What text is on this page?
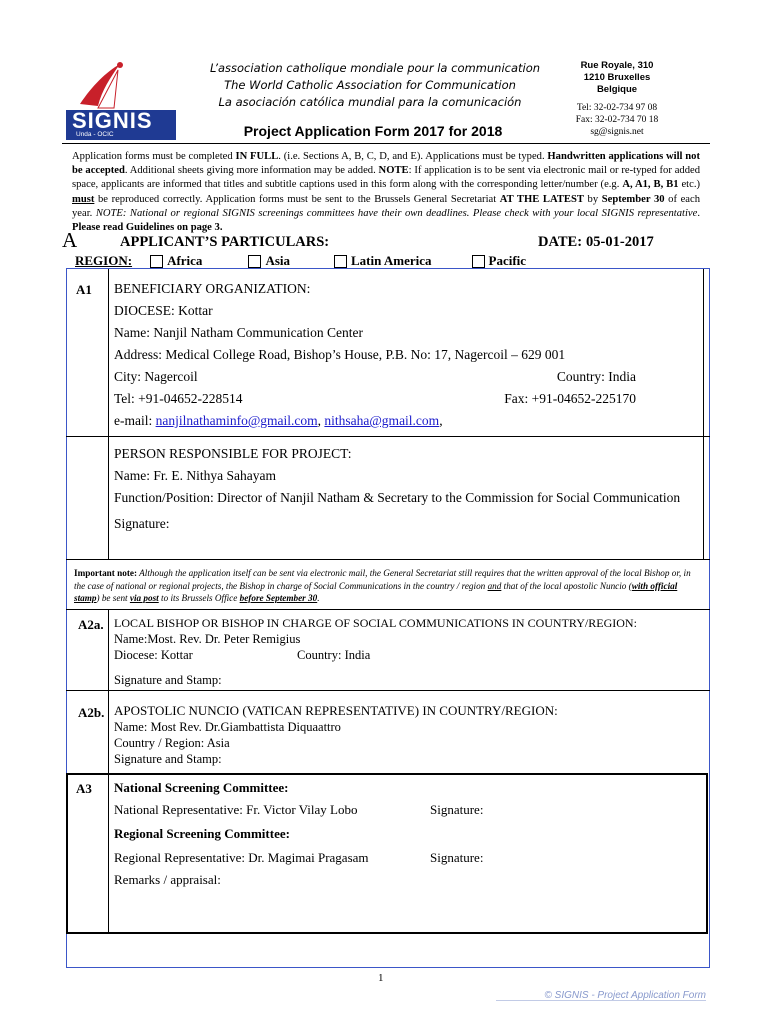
SIGNIS
Unda - OCIC
L’association catholique mondiale pour la communication
The World Catholic Association for Communication
La asociación católica mundial para la comunicación
Project Application Form 2017 for 2018
Rue Royale, 310
1210 Bruxelles
Belgique
Tel: 32-02-734 97 08
Fax: 32-02-734 70 18
sg@signis.net
Application forms must be completed IN FULL. (i.e. Sections A, B, C, D, and E). Applications must be typed. Handwritten applications will not be accepted. Additional sheets giving more information may be added. NOTE: If application is to be sent via electronic mail or re-typed for added space, applicants are informed that titles and subtitle captions used in this form along with the corresponding letter/number (e.g. A, A1, B, B1 etc.) must be reproduced correctly. Application forms must be sent to the Brussels General Secretariat AT THE LATEST by September 30 of each year. NOTE: National or regional SIGNIS screenings committees have their own deadlines. Please check with your local SIGNIS representative. Please read Guidelines on page 3.
A	APPLICANT’S PARTICULARS:	DATE: 05-01-2017
REGION:	Africa	Asia	Latin America	Pacific
A1 BENEFICIARY ORGANIZATION:
DIOCESE: Kottar
Name: Nanjil Natham Communication Center
Address: Medical College Road, Bishop’s House, P.B. No: 17, Nagercoil – 629 001
City: Nagercoil	Country: India
Tel: +91-04652-228514	Fax: +91-04652-225170
e-mail: nanjilnathaminfo@gmail.com, nithsaha@gmail.com,
PERSON RESPONSIBLE FOR PROJECT:
Name: Fr. E. Nithya Sahayam
Function/Position: Director of Nanjil Natham & Secretary to the Commission for Social Communication
Signature:
Important note: Although the application itself can be sent via electronic mail, the General Secretariat still requires that the written approval of the local Bishop or, in the case of national or regional projects, the Bishop in charge of Social Communications in the country / region and that of the local apostolic Nuncio (with official stamp) be sent via post to its Brussels Office before September 30.
A2a. LOCAL BISHOP OR BISHOP IN CHARGE OF SOCIAL COMMUNICATIONS IN COUNTRY/REGION:
Name:Most. Rev. Dr. Peter Remigius
Diocese: Kottar	Country: India
Signature and Stamp:
A2b. APOSTOLIC NUNCIO (VATICAN REPRESENTATIVE) IN COUNTRY/REGION:
Name: Most Rev. Dr.Giambattista Diquaattro
Country / Region: Asia
Signature and Stamp:
A3 National Screening Committee:
National Representative: Fr. Victor Vilay Lobo	Signature:
Regional Screening Committee:
Regional Representative: Dr. Magimai Pragasam	Signature:
Remarks / appraisal:
1
© SIGNIS - Project Application Form
